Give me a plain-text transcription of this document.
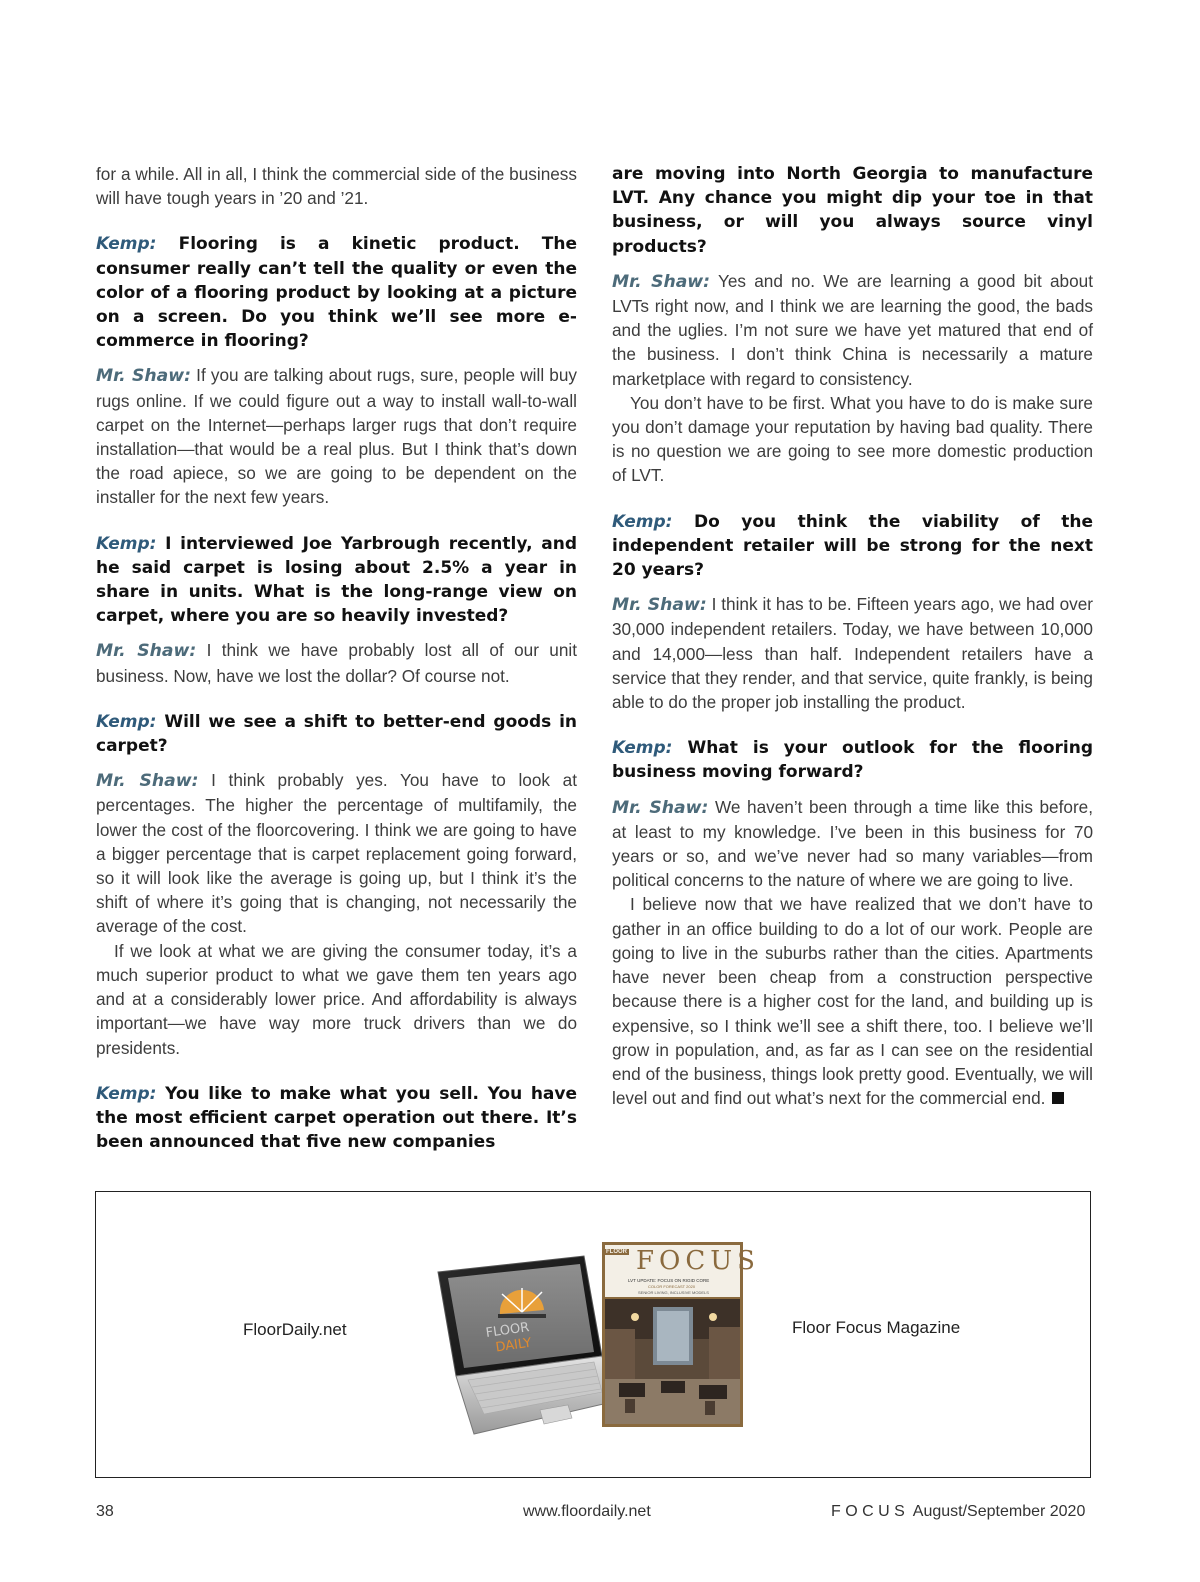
for a while. All in all, I think the commercial side of the business will have tough years in ’20 and ’21.

Kemp: Flooring is a kinetic product. The consumer really can’t tell the quality or even the color of a flooring product by looking at a picture on a screen. Do you think we’ll see more e-commerce in flooring?

Mr. Shaw: If you are talking about rugs, sure, people will buy rugs online. If we could figure out a way to install wall-to-wall carpet on the Internet—perhaps larger rugs that don’t require installation—that would be a real plus. But I think that’s down the road apiece, so we are going to be dependent on the installer for the next few years.

Kemp: I interviewed Joe Yarbrough recently, and he said carpet is losing about 2.5% a year in share in units. What is the long-range view on carpet, where you are so heavily invested?

Mr. Shaw: I think we have probably lost all of our unit business. Now, have we lost the dollar? Of course not.

Kemp: Will we see a shift to better-end goods in carpet?

Mr. Shaw: I think probably yes. You have to look at percentages. The higher the percentage of multifamily, the lower the cost of the floorcovering. I think we are going to have a bigger percentage that is carpet replacement going forward, so it will look like the average is going up, but I think it’s the shift of where it’s going that is changing, not necessarily the average of the cost.

If we look at what we are giving the consumer today, it’s a much superior product to what we gave them ten years ago and at a considerably lower price. And affordability is always important—we have way more truck drivers than we do presidents.

Kemp: You like to make what you sell. You have the most efficient carpet operation out there. It’s been announced that five new companies

are moving into North Georgia to manufacture LVT. Any chance you might dip your toe in that business, or will you always source vinyl products?

Mr. Shaw: Yes and no. We are learning a good bit about LVTs right now, and I think we are learning the good, the bads and the uglies. I’m not sure we have yet matured that end of the business. I don’t think China is necessarily a mature marketplace with regard to consistency.

You don’t have to be first. What you have to do is make sure you don’t damage your reputation by having bad quality. There is no question we are going to see more domestic production of LVT.

Kemp: Do you think the viability of the independent retailer will be strong for the next 20 years?

Mr. Shaw: I think it has to be. Fifteen years ago, we had over 30,000 independent retailers. Today, we have between 10,000 and 14,000—less than half. Independent retailers have a service that they render, and that service, quite frankly, is being able to do the proper job installing the product.

Kemp: What is your outlook for the flooring business moving forward?

Mr. Shaw: We haven’t been through a time like this before, at least to my knowledge. I’ve been in this business for 70 years or so, and we’ve never had so many variables—from political concerns to the nature of where we are going to live.

I believe now that we have realized that we don’t have to gather in an office building to do a lot of our work. People are going to live in the suburbs rather than the cities. Apartments have never been cheap from a construction perspective because there is a higher cost for the land, and building up is expensive, so I think we’ll see a shift there, too. I believe we’ll grow in population, and, as far as I can see on the residential end of the business, things look pretty good. Eventually, we will level out and find out what’s next for the commercial end.

FloorDaily.net	Floor Focus Magazine
FLOOR
DAILY
FLOOR FOCUS
LVT UPDATE: FOCUS ON RIGID CORE
COLOR FORECAST 2020
SENIOR LIVING, INCLUSIVE MODELS
38	www.floordaily.net	F O C U S  August/September 2020
